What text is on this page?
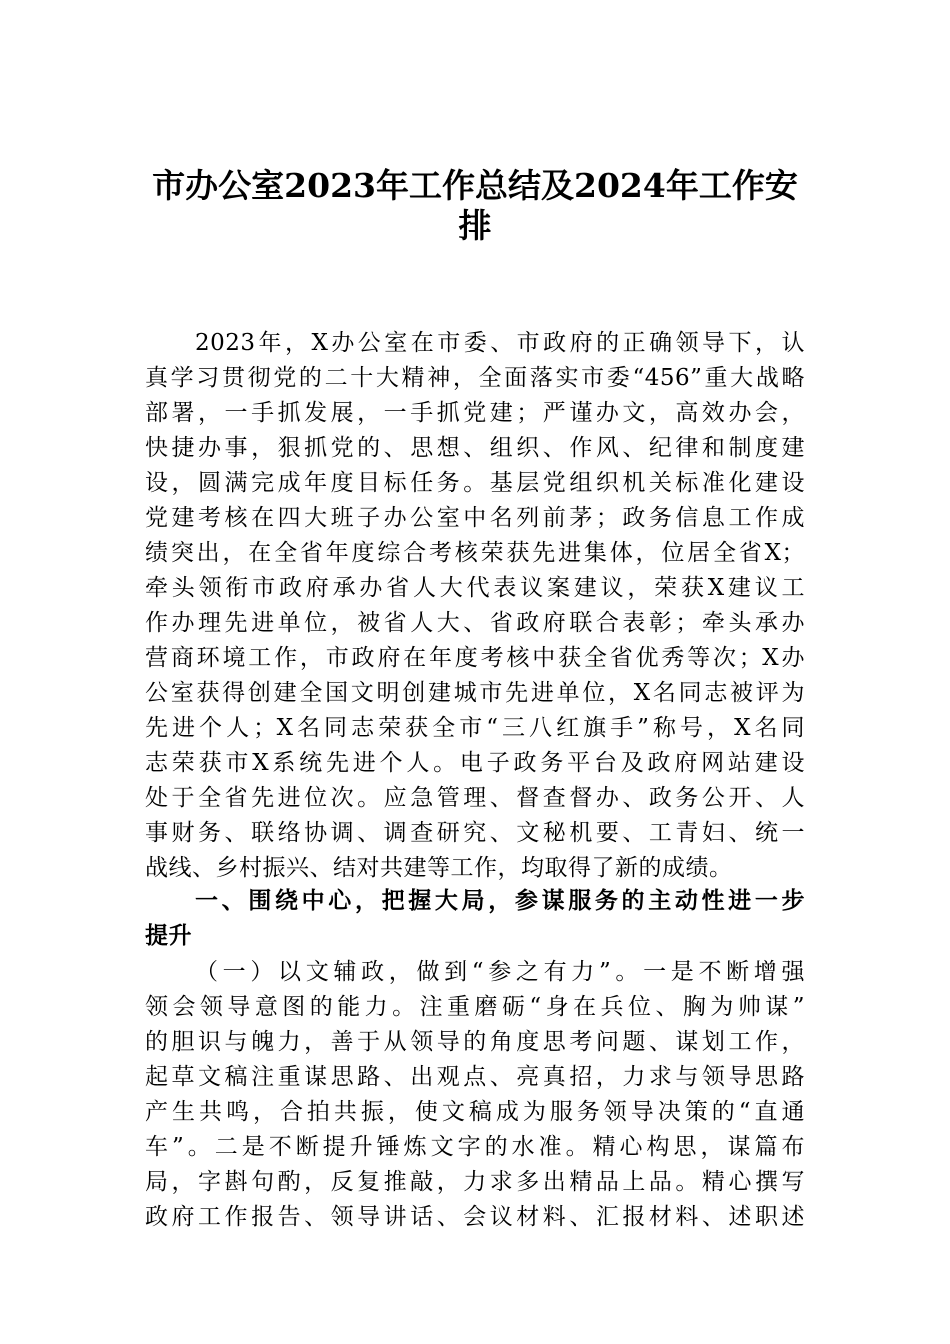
市办公室2023年工作总结及2024年工作安
排
2023年，X办公室在市委、市政府的正确领导下，认
真学习贯彻党的二十大精神，全面落实市委“456”重大战略
部署，一手抓发展，一手抓党建；严谨办文，高效办会，
快捷办事，狠抓党的、思想、组织、作风、纪律和制度建
设，圆满完成年度目标任务。基层党组织机关标准化建设
党建考核在四大班子办公室中名列前茅；政务信息工作成
绩突出，在全省年度综合考核荣获先进集体，位居全省X；
牵头领衔市政府承办省人大代表议案建议，荣获X建议工
作办理先进单位，被省人大、省政府联合表彰；牵头承办
营商环境工作，市政府在年度考核中获全省优秀等次；X办
公室获得创建全国文明创建城市先进单位，X名同志被评为
先进个人；X名同志荣获全市“三八红旗手”称号，X名同
志荣获市X系统先进个人。电子政务平台及政府网站建设
处于全省先进位次。应急管理、督查督办、政务公开、人
事财务、联络协调、调查研究、文秘机要、工青妇、统一
战线、乡村振兴、结对共建等工作，均取得了新的成绩。
一、围绕中心，把握大局，参谋服务的主动性进一步
提升
（一）以文辅政，做到“参之有力”。一是不断增强
领会领导意图的能力。注重磨砺“身在兵位、胸为帅谋”
的胆识与魄力，善于从领导的角度思考问题、谋划工作，
起草文稿注重谋思路、出观点、亮真招，力求与领导思路
产生共鸣，合拍共振，使文稿成为服务领导决策的“直通
车”。二是不断提升锤炼文字的水准。精心构思，谋篇布
局，字斟句酌，反复推敲，力求多出精品上品。精心撰写
政府工作报告、领导讲话、会议材料、汇报材料、述职述
